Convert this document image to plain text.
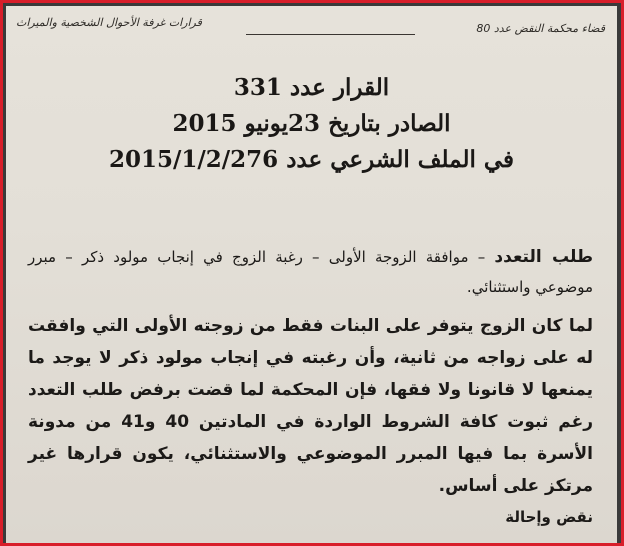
قضاء محكمة النقض عدد 80
قرارات غرفة الأحوال الشخصية والميراث
القرار عدد 331
الصادر بتاريخ 23يونيو 2015
في الملف الشرعي عدد 2015/1/2/276

طلب التعدد – موافقة الزوجة الأولى – رغبة الزوج في إنجاب مولود ذكر – مبرر موضوعي واستثنائي.

لما كان الزوج يتوفر على البنات فقط من زوجته الأولى التي وافقت له على زواجه من ثانية، وأن رغبته في إنجاب مولود ذكر لا يوجد ما يمنعها لا قانونا ولا فقها، فإن المحكمة لما قضت برفض طلب التعدد رغم ثبوت كافة الشروط الواردة في المادتين 40 و41 من مدونة الأسرة بما فيها المبرر الموضوعي والاستثنائي، يكون قرارها غير مرتكز على أساس.

نقض وإحالة
